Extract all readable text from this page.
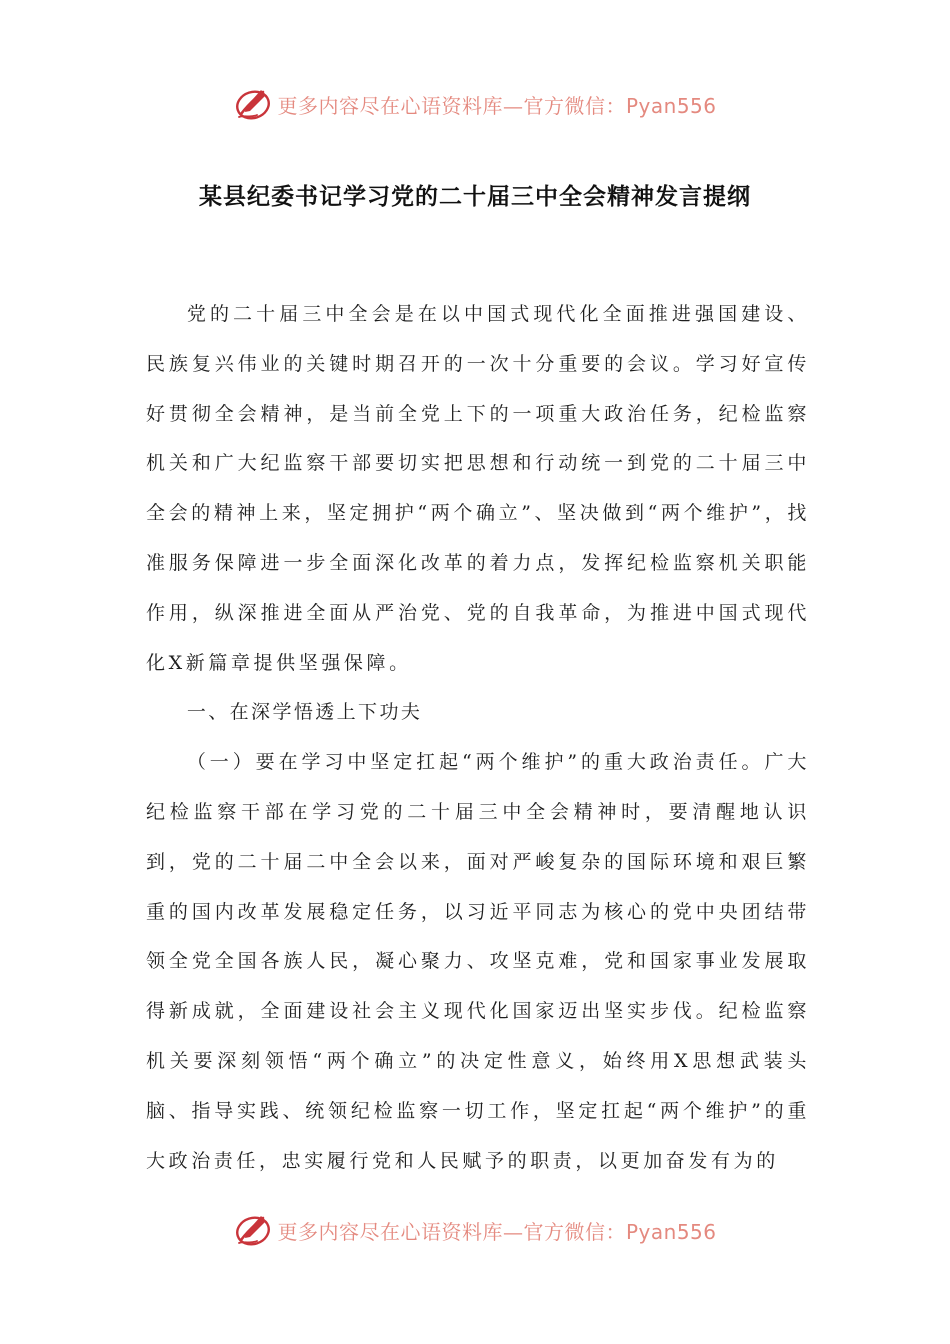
更多内容尽在心语资料库—官方微信：Pyan556
某县纪委书记学习党的二十届三中全会精神发言提纲

党的二十届三中全会是在以中国式现代化全面推进强国建设、民族复兴伟业的关键时期召开的一次十分重要的会议。学习好宣传好贯彻全会精神，是当前全党上下的一项重大政治任务，纪检监察机关和广大纪监察干部要切实把思想和行动统一到党的二十届三中全会的精神上来，坚定拥护“两个确立”、坚决做到“两个维护”，找准服务保障进一步全面深化改革的着力点，发挥纪检监察机关职能作用，纵深推进全面从严治党、党的自我革命，为推进中国式现代化X新篇章提供坚强保障。

一、在深学悟透上下功夫

（一）要在学习中坚定扛起“两个维护”的重大政治责任。广大纪检监察干部在学习党的二十届三中全会精神时，要清醒地认识到，党的二十届二中全会以来，面对严峻复杂的国际环境和艰巨繁重的国内改革发展稳定任务，以习近平同志为核心的党中央团结带领全党全国各族人民，凝心聚力、攻坚克难，党和国家事业发展取得新成就，全面建设社会主义现代化国家迈出坚实步伐。纪检监察机关要深刻领悟“两个确立”的决定性意义，始终用X思想武装头脑、指导实践、统领纪检监察一切工作，坚定扛起“两个维护”的重大政治责任，忠实履行党和人民赋予的职责，以更加奋发有为的

更多内容尽在心语资料库—官方微信：Pyan556
